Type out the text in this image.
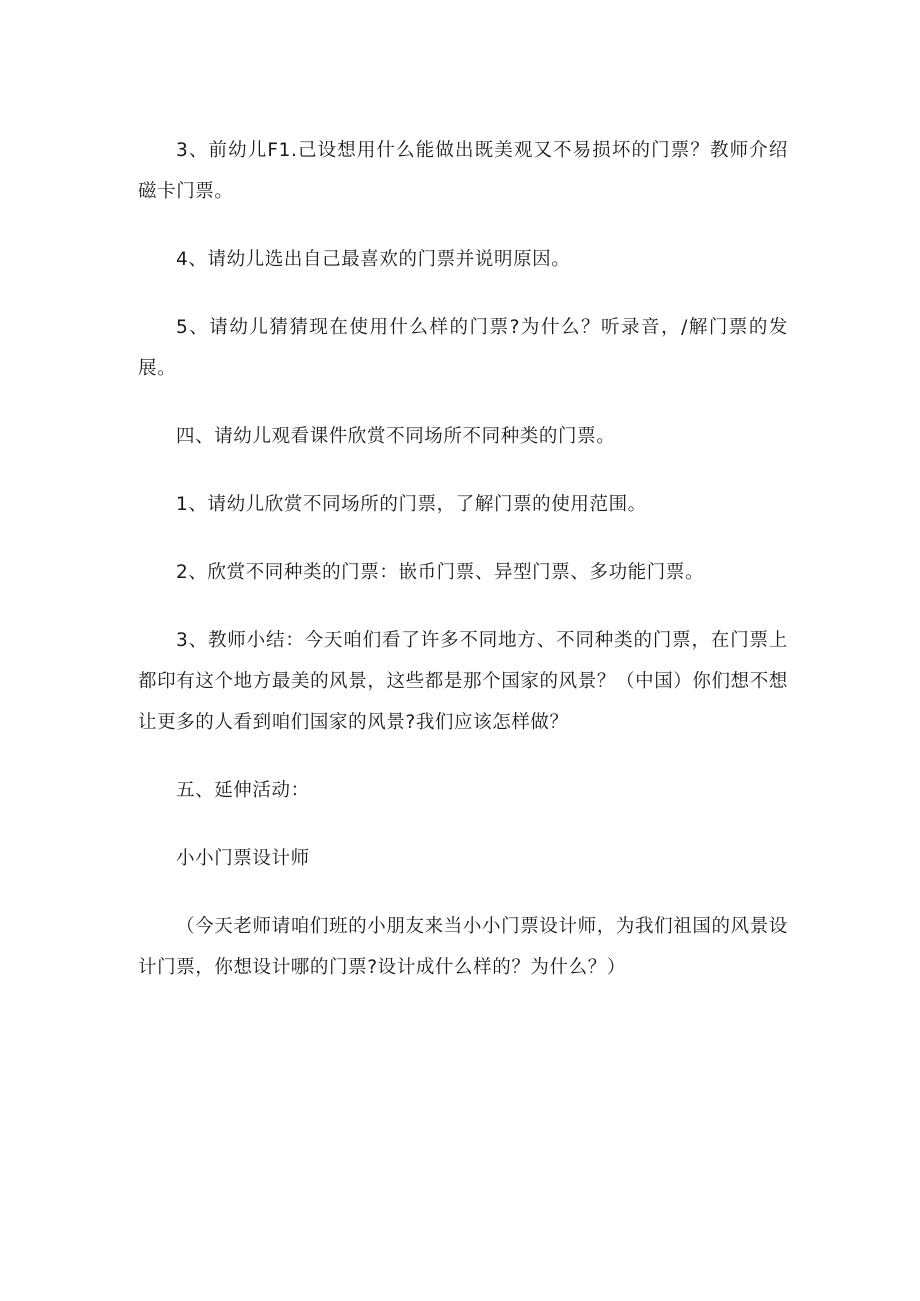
3、前幼儿F1.己设想用什么能做出既美观又不易损坏的门票？教师介绍磁卡门票。

4、请幼儿选出自己最喜欢的门票并说明原因。

5、请幼儿猜猜现在使用什么样的门票?为什么？听录音，/解门票的发展。

四、请幼儿观看课件欣赏不同场所不同种类的门票。

1、请幼儿欣赏不同场所的门票，了解门票的使用范围。

2、欣赏不同种类的门票：嵌币门票、异型门票、多功能门票。

3、教师小结：今天咱们看了许多不同地方、不同种类的门票，在门票上都印有这个地方最美的风景，这些都是那个国家的风景？（中国）你们想不想让更多的人看到咱们国家的风景?我们应该怎样做？

五、延伸活动：

小小门票设计师

（今天老师请咱们班的小朋友来当小小门票设计师，为我们祖国的风景设计门票，你想设计哪的门票?设计成什么样的？为什么？）
